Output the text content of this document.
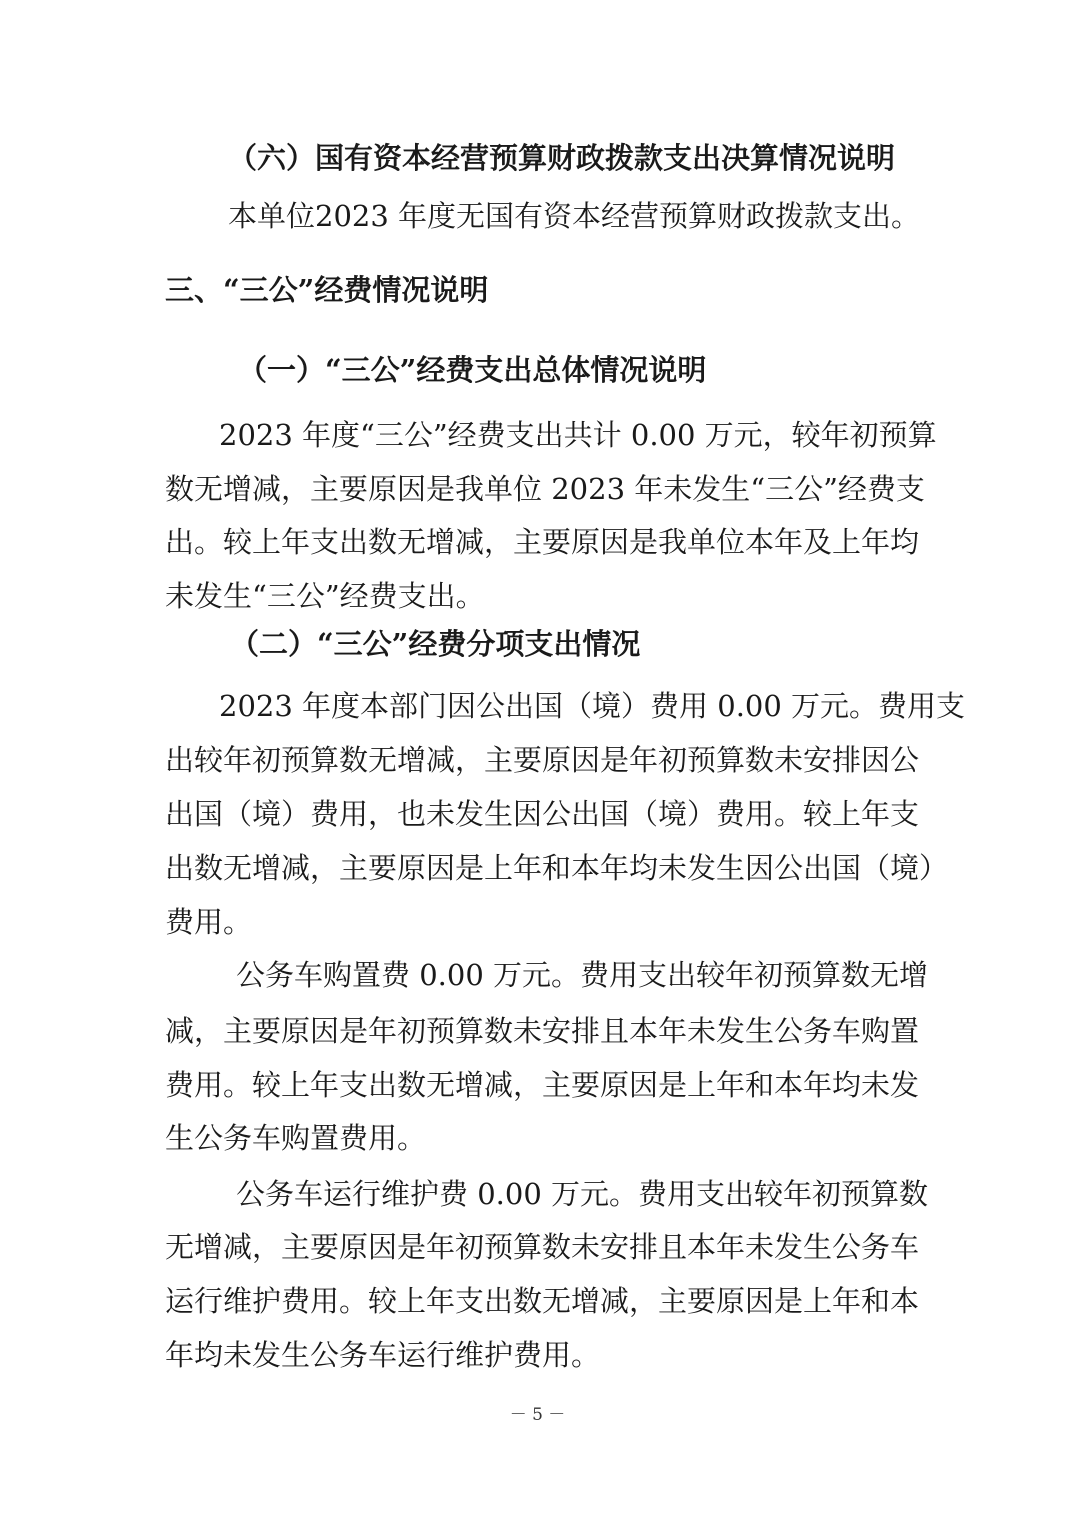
（六）国有资本经营预算财政拨款支出决算情况说明
本单位2023 年度无国有资本经营预算财政拨款支出。
三、“三公”经费情况说明
（一）“三公”经费支出总体情况说明
2023 年度“三公”经费支出共计 0.00 万元，较年初预算
数无增减，主要原因是我单位 2023 年未发生“三公”经费支
出。较上年支出数无增减，主要原因是我单位本年及上年均
未发生“三公”经费支出。
（二）“三公”经费分项支出情况
2023 年度本部门因公出国（境）费用 0.00 万元。费用支
出较年初预算数无增减，主要原因是年初预算数未安排因公
出国（境）费用，也未发生因公出国（境）费用。较上年支
出数无增减，主要原因是上年和本年均未发生因公出国（境）
费用。
公务车购置费 0.00 万元。费用支出较年初预算数无增
减，主要原因是年初预算数未安排且本年未发生公务车购置
费用。较上年支出数无增减，主要原因是上年和本年均未发
生公务车购置费用。
公务车运行维护费 0.00 万元。费用支出较年初预算数
无增减，主要原因是年初预算数未安排且本年未发生公务车
运行维护费用。较上年支出数无增减，主要原因是上年和本
年均未发生公务车运行维护费用。
－ 5 －
